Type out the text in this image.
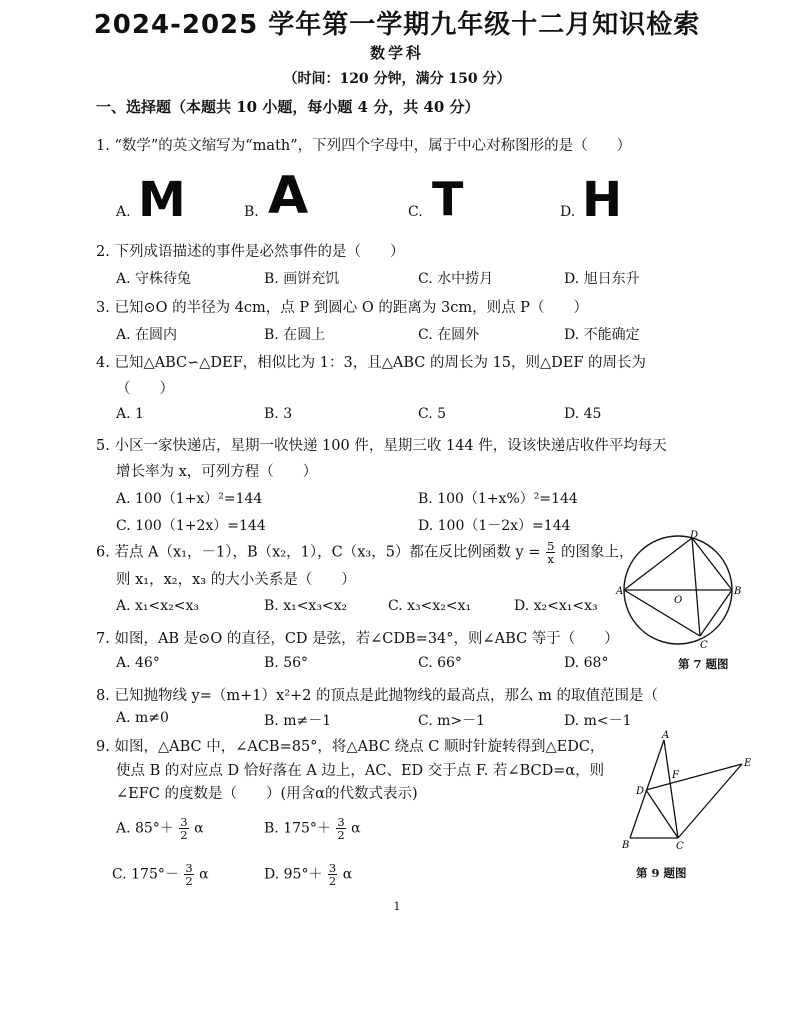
2024-2025 学年第一学期九年级十二月知识检索
数学科
（时间：120 分钟，满分 150 分）
一、选择题（本题共 10 小题，每小题 4 分，共 40 分）
1. “数学”的英文缩写为“math”，下列四个字母中，属于中心对称图形的是（　　）
A. M	B. A	C. T	D. H
2. 下列成语描述的事件是必然事件的是（　　）
A. 守株待兔	B. 画饼充饥	C. 水中捞月	D. 旭日东升
3. 已知⊙O 的半径为 4cm，点 P 到圆心 O 的距离为 3cm，则点 P（　　）
A. 在圆内	B. 在圆上	C. 在圆外	D. 不能确定
4. 已知△ABC∽△DEF，相似比为 1：3，且△ABC 的周长为 15，则△DEF 的周长为
（　　）
A. 1	B. 3	C. 5	D. 45
5. 小区一家快递店，星期一收快递 100 件，星期三收 144 件，设该快递店收件平均每天
增长率为 x，可列方程（　　）
A. 100（1+x）²=144	B. 100（1+x%）²=144
C. 100（1+2x）=144	D. 100（1－2x）=144
6. 若点 A（x₁，－1），B（x₂，1），C（x₃，5）都在反比例函数 $y = \frac{5}{x}$ 的图象上，
则 x₁，x₂，x₃ 的大小关系是（　　）
A. x₁<x₂<x₃	B. x₁<x₃<x₂	C. x₃<x₂<x₁	D. x₂<x₁<x₃
D
A
O
B
C
7. 如图，AB 是⊙O 的直径，CD 是弦，若∠CDB=34°，则∠ABC 等于（　　）
A. 46°	B. 56°	C. 66°	D. 68°	第 7 题图
8. 已知抛物线 y=（m+1）x²+2 的顶点是此抛物线的最高点，那么 m 的取值范围是（
A. m≠0	B. m≠－1	C. m>－1	D. m<－1
9. 如图，△ABC 中，∠ACB=85°，将△ABC 绕点 C 顺时针旋转得到△EDC，
使点 B 的对应点 D 恰好落在 A 边上，AC、ED 交于点 F. 若∠BCD=α，则
∠EFC 的度数是（　　）(用含α的代数式表示)
A. $85^\circ+ \frac{3}{2}$ α	B. $175^\circ+ \frac{3}{2}$ α
C. $175^\circ- \frac{3}{2}$ α	D. $95^\circ+ \frac{3}{2}$ α
A
F
E
D
B	C
第 9 题图
1
